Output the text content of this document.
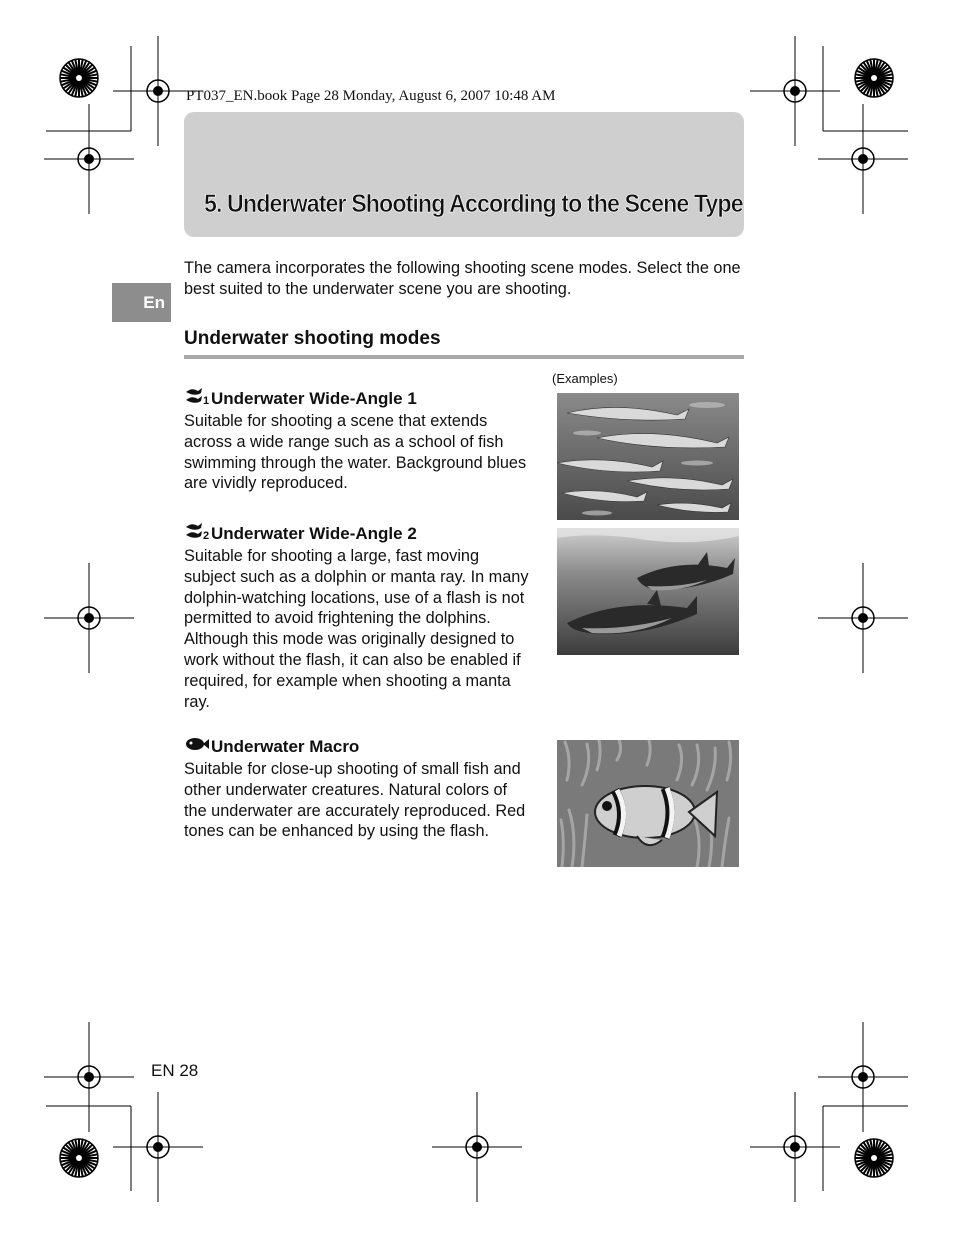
PT037_EN.book Page 28 Monday, August 6, 2007 10:48 AM
5. Underwater Shooting According to the Scene Type
En
The camera incorporates the following shooting scene modes. Select the one best suited to the underwater scene you are shooting.
Underwater shooting modes
(Examples)
1 Underwater Wide-Angle 1
Suitable for shooting a scene that extends across a wide range such as a school of fish swimming through the water. Background blues are vividly reproduced.
2 Underwater Wide-Angle 2
Suitable for shooting a large, fast moving subject such as a dolphin or manta ray. In many dolphin-watching locations, use of a flash is not permitted to avoid frightening the dolphins. Although this mode was originally designed to work without the flash, it can also be enabled if required, for example when shooting a manta ray.
Underwater Macro
Suitable for close-up shooting of small fish and other underwater creatures. Natural colors of the underwater are accurately reproduced. Red tones can be enhanced by using the flash.
EN 28
